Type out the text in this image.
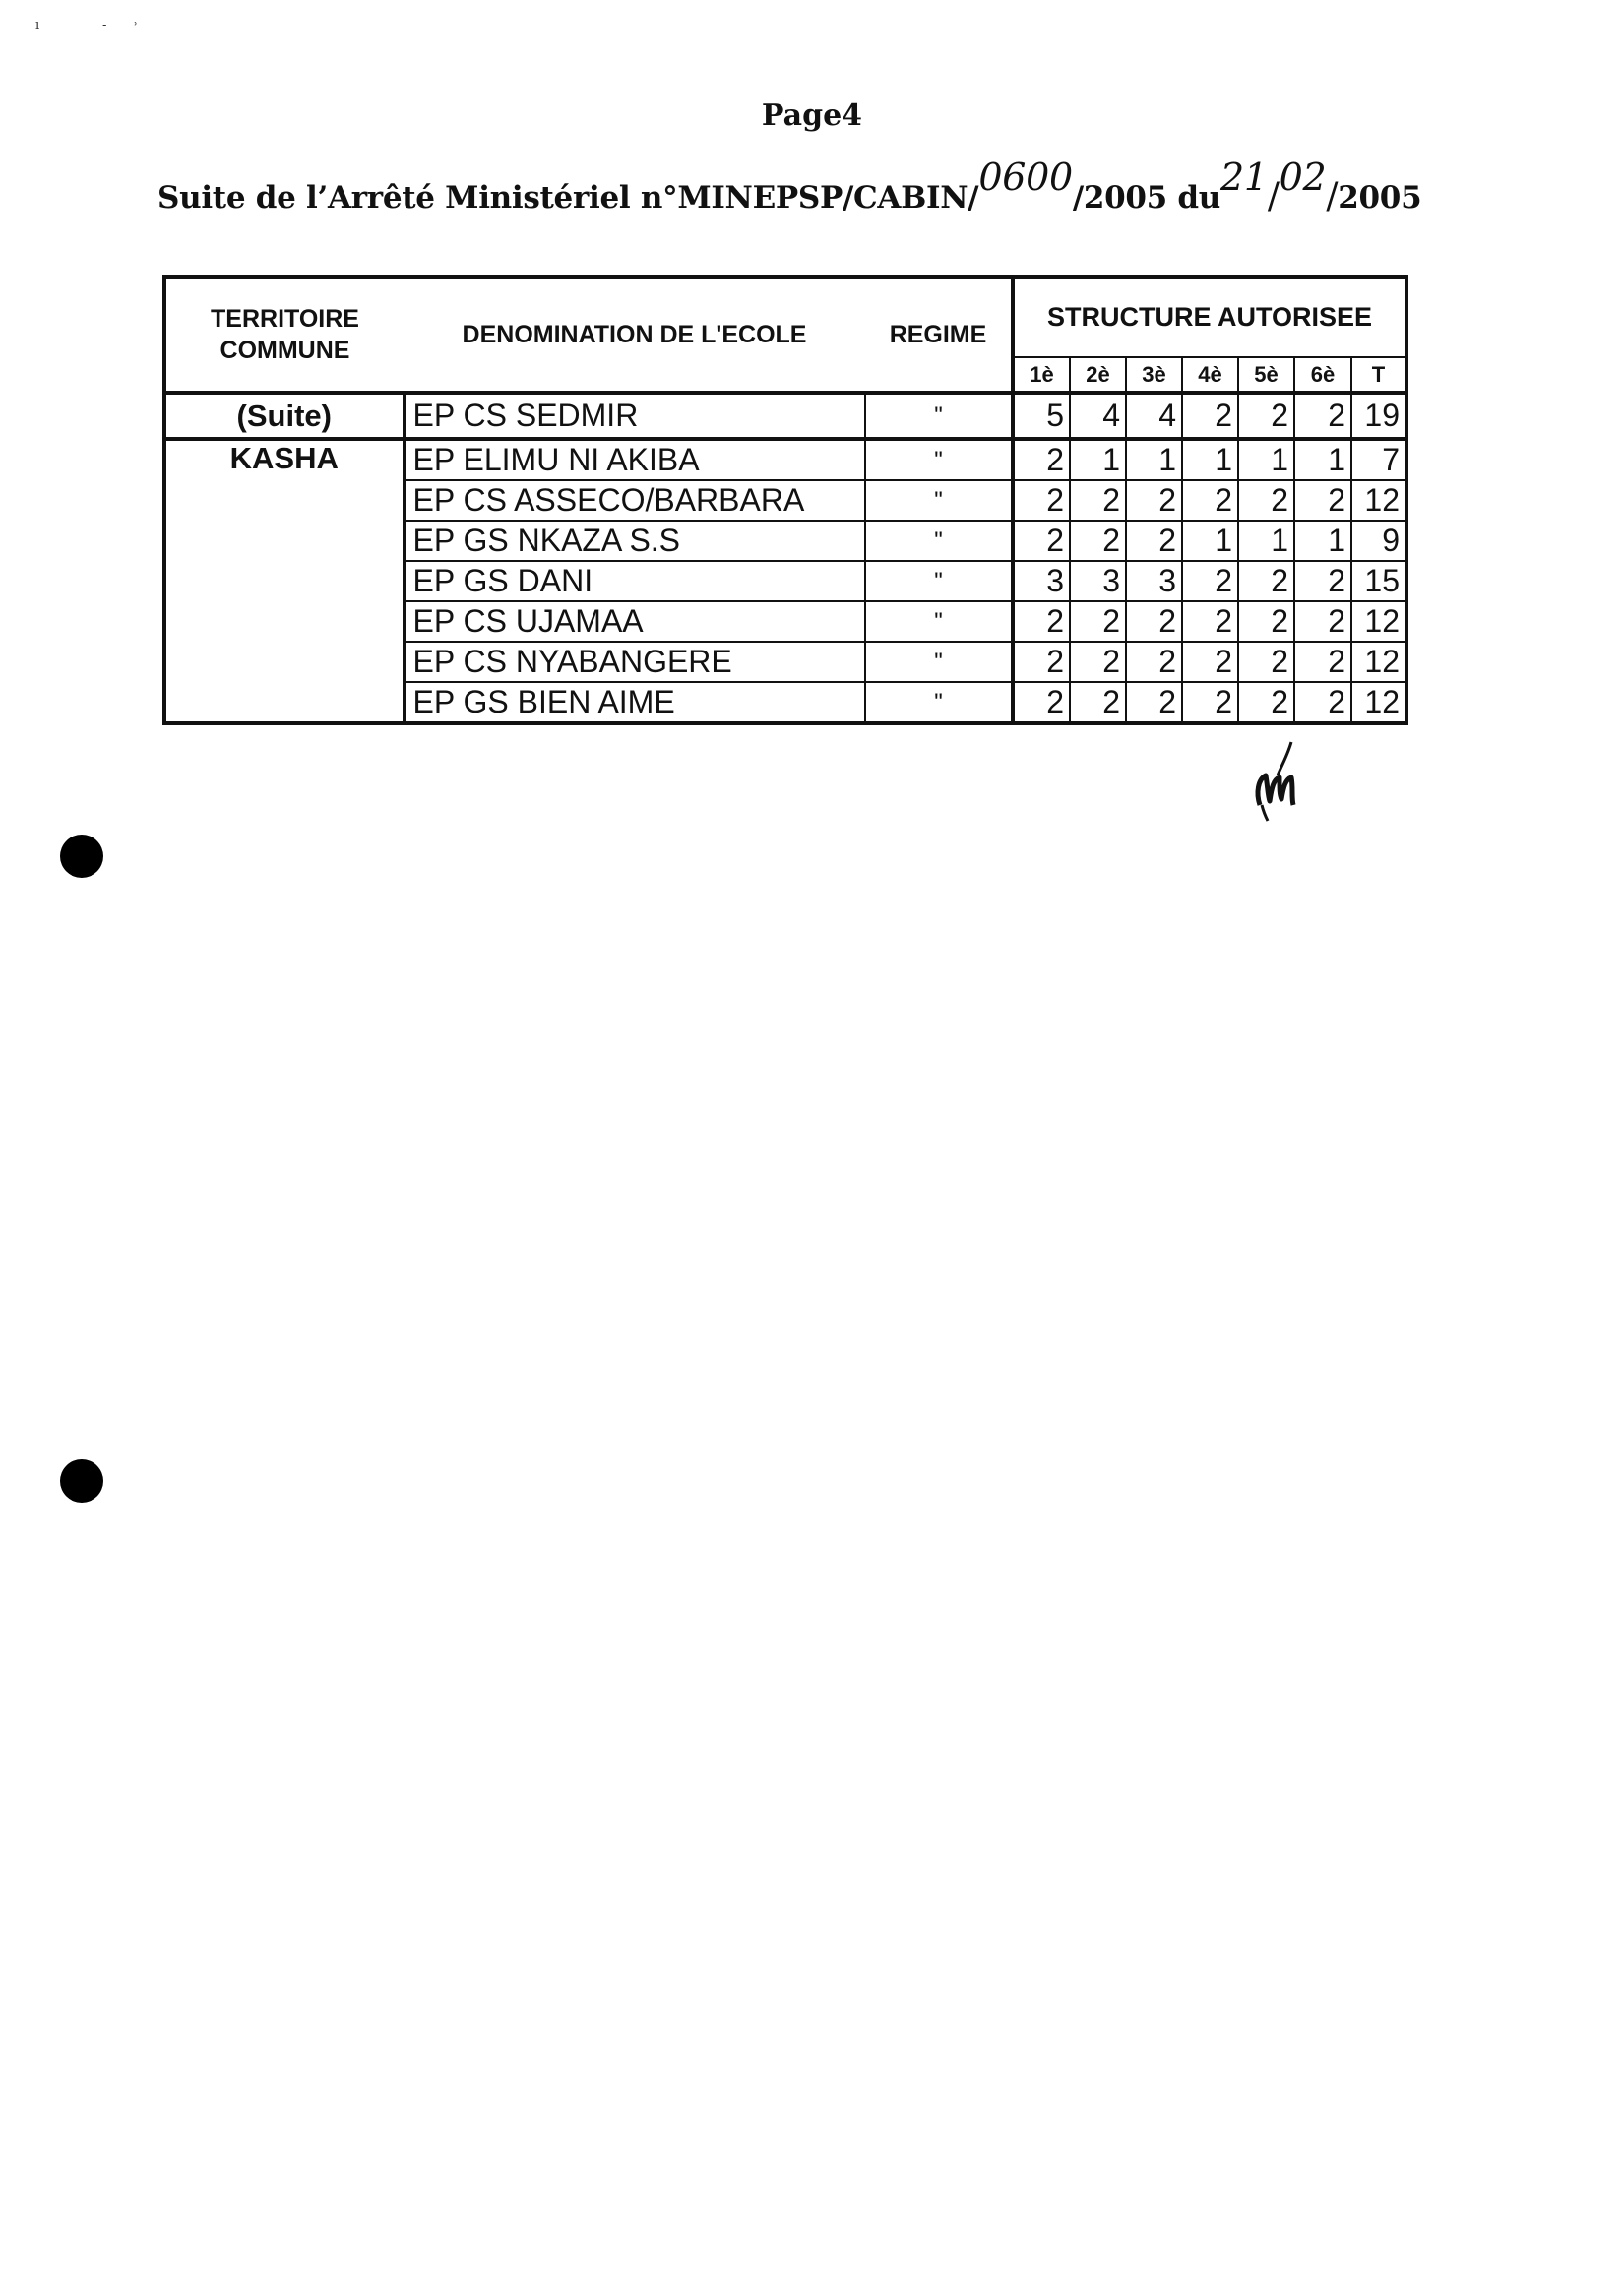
ı	- ˒
Page4
Suite de l’Arrêté Ministériel n°MINEPSP/CABIN/0600/2005 du21/02/2005
TERRITOIRE COMMUNE	DENOMINATION DE L'ECOLE	REGIME	STRUCTURE AUTORISEE						
			1è	2è	3è	4è	5è	6è	T
(Suite)	EP CS SEDMIR	"	5	4	4	2	2	2	19
KASHA	EP ELIMU NI AKIBA	"	2	1	1	1	1	1	7
	EP CS ASSECO/BARBARA	"	2	2	2	2	2	2	12
	EP GS NKAZA S.S	"	2	2	2	1	1	1	9
	EP GS DANI	"	3	3	3	2	2	2	15
	EP CS UJAMAA	"	2	2	2	2	2	2	12
	EP CS NYABANGERE	"	2	2	2	2	2	2	12
	EP GS BIEN AIME	"	2	2	2	2	2	2	12
